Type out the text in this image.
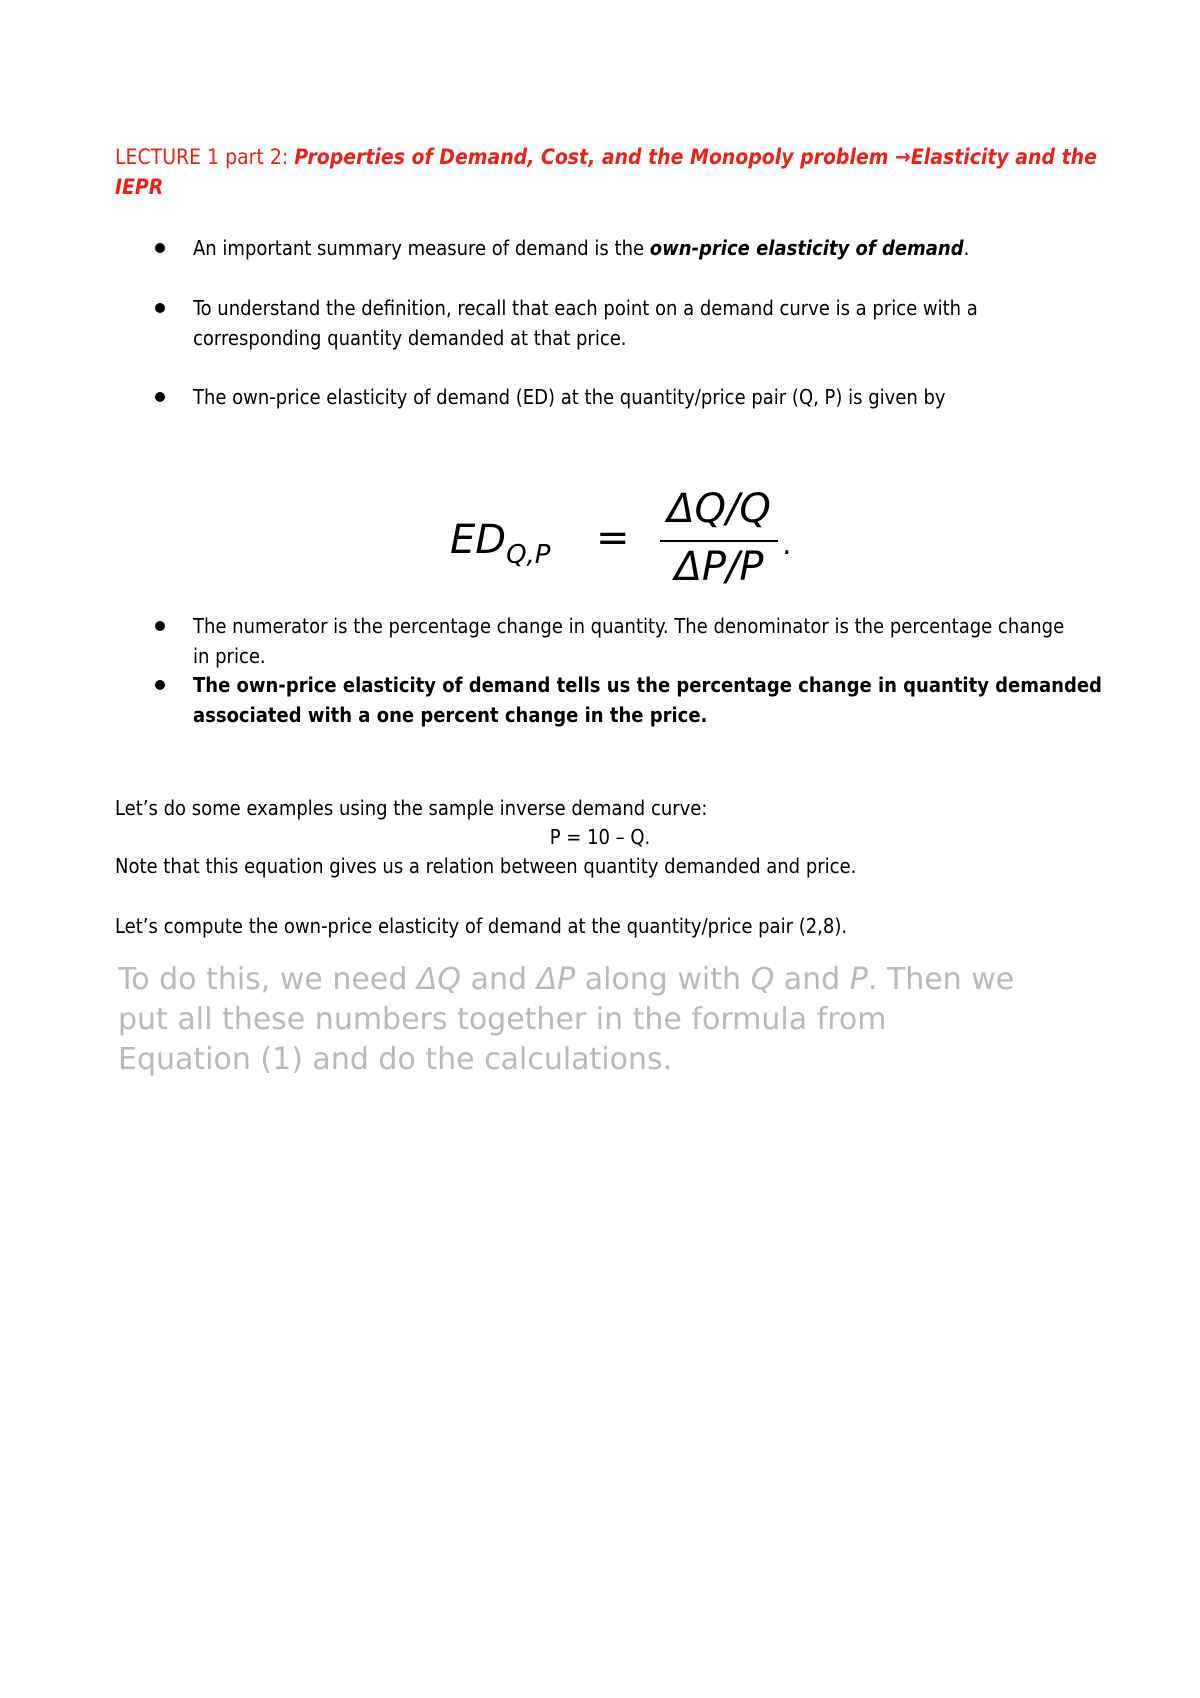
LECTURE 1 part 2: Properties of Demand, Cost, and the Monopoly problem →Elasticity and the IEPR
An important summary measure of demand is the own-price elasticity of demand.
To understand the definition, recall that each point on a demand curve is a price with a corresponding quantity demanded at that price.
The own-price elasticity of demand (ED) at the quantity/price pair (Q, P) is given by
$ED_{Q,P}$ =
ΔQ/Q
ΔP/P .
The numerator is the percentage change in quantity. The denominator is the percentage change in price.
The own-price elasticity of demand tells us the percentage change in quantity demanded associated with a one percent change in the price.
Let’s do some examples using the sample inverse demand curve:
P = 10 – Q.
Note that this equation gives us a relation between quantity demanded and price.
Let’s compute the own-price elasticity of demand at the quantity/price pair (2,8).
To do this, we need ΔQ and ΔP along with Q and P. Then we put all these numbers together in the formula from Equation (1) and do the calculations.
